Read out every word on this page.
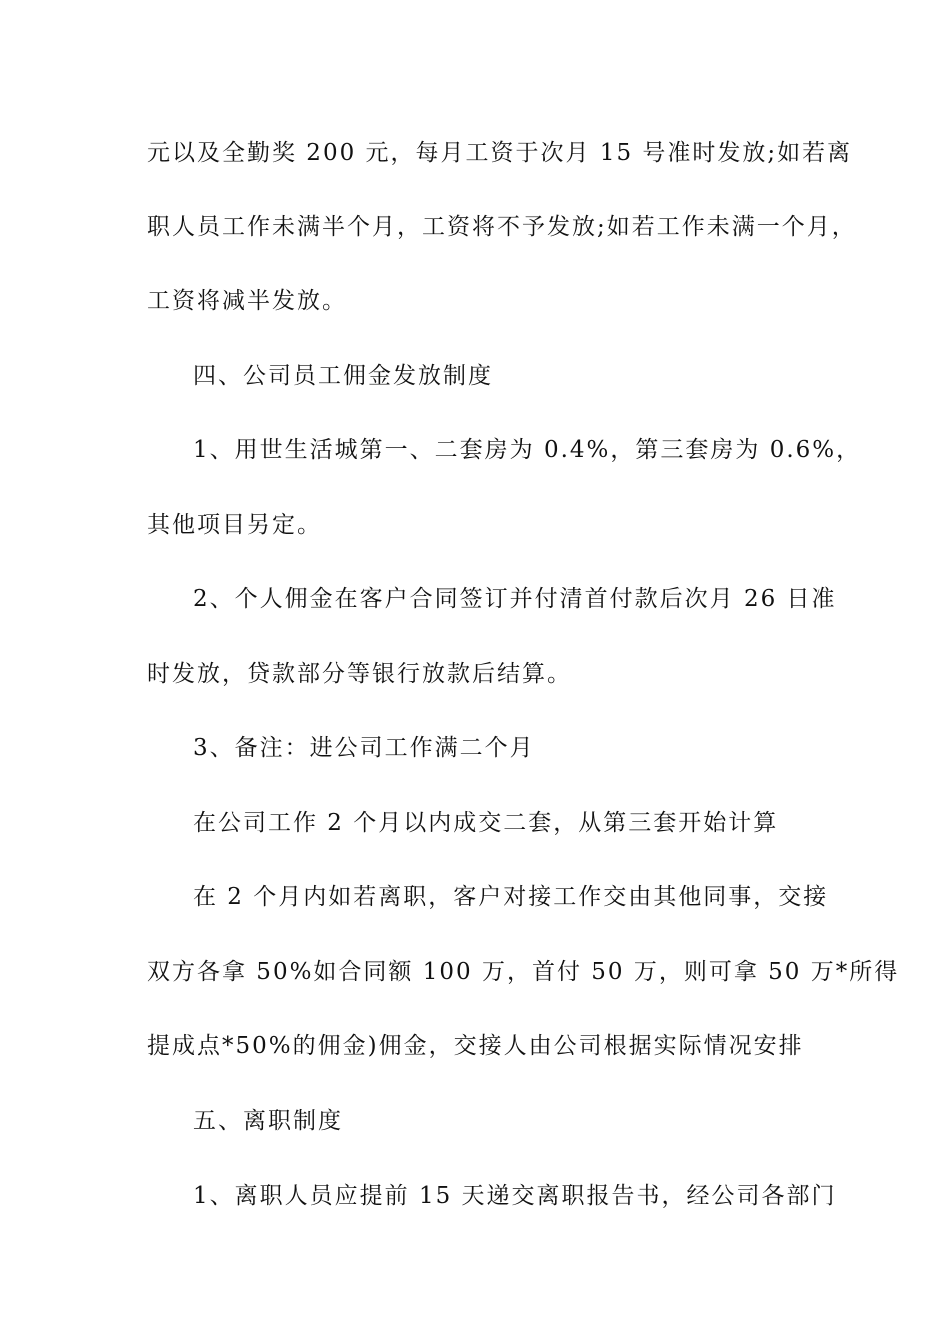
元以及全勤奖 200 元，每月工资于次月 15 号准时发放;如若离
职人员工作未满半个月，工资将不予发放;如若工作未满一个月，
工资将减半发放。
四、公司员工佣金发放制度
1、用世生活城第一、二套房为 0.4%，第三套房为 0.6%，
其他项目另定。
2、个人佣金在客户合同签订并付清首付款后次月 26 日准
时发放，贷款部分等银行放款后结算。
3、备注：进公司工作满二个月
在公司工作 2 个月以内成交二套，从第三套开始计算
在 2 个月内如若离职，客户对接工作交由其他同事，交接
双方各拿 50%如合同额 100 万，首付 50 万，则可拿 50 万*所得
提成点*50%的佣金)佣金，交接人由公司根据实际情况安排
五、离职制度
1、离职人员应提前 15 天递交离职报告书，经公司各部门
